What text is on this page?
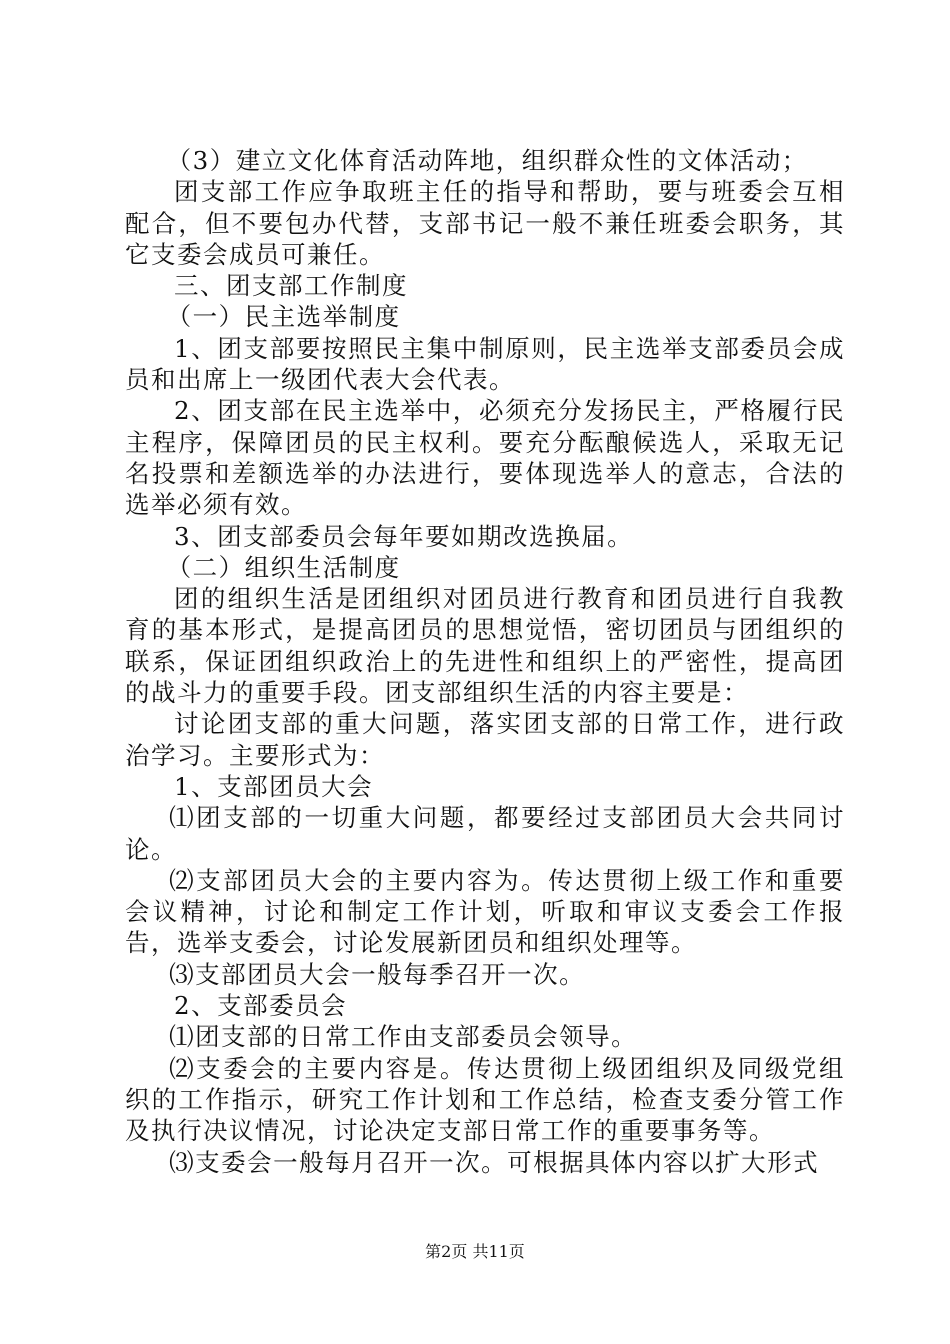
（3）建立文化体育活动阵地，组织群众性的文体活动；

团支部工作应争取班主任的指导和帮助，要与班委会互相配合，但不要包办代替，支部书记一般不兼任班委会职务，其它支委会成员可兼任。

三、团支部工作制度

（一）民主选举制度

1、团支部要按照民主集中制原则，民主选举支部委员会成员和出席上一级团代表大会代表。

2、团支部在民主选举中，必须充分发扬民主，严格履行民主程序，保障团员的民主权利。要充分酝酿候选人，采取无记名投票和差额选举的办法进行，要体现选举人的意志，合法的选举必须有效。

3、团支部委员会每年要如期改选换届。

（二）组织生活制度

团的组织生活是团组织对团员进行教育和团员进行自我教育的基本形式，是提高团员的思想觉悟，密切团员与团组织的联系，保证团组织政治上的先进性和组织上的严密性，提高团的战斗力的重要手段。团支部组织生活的内容主要是：

讨论团支部的重大问题，落实团支部的日常工作，进行政治学习。主要形式为：

1、支部团员大会

⑴团支部的一切重大问题，都要经过支部团员大会共同讨论。

⑵支部团员大会的主要内容为。传达贯彻上级工作和重要会议精神，讨论和制定工作计划，听取和审议支委会工作报告，选举支委会，讨论发展新团员和组织处理等。

⑶支部团员大会一般每季召开一次。

2、支部委员会

⑴团支部的日常工作由支部委员会领导。

⑵支委会的主要内容是。传达贯彻上级团组织及同级党组织的工作指示，研究工作计划和工作总结，检查支委分管工作及执行决议情况，讨论决定支部日常工作的重要事务等。

⑶支委会一般每月召开一次。可根据具体内容以扩大形式

第2页 共11页
